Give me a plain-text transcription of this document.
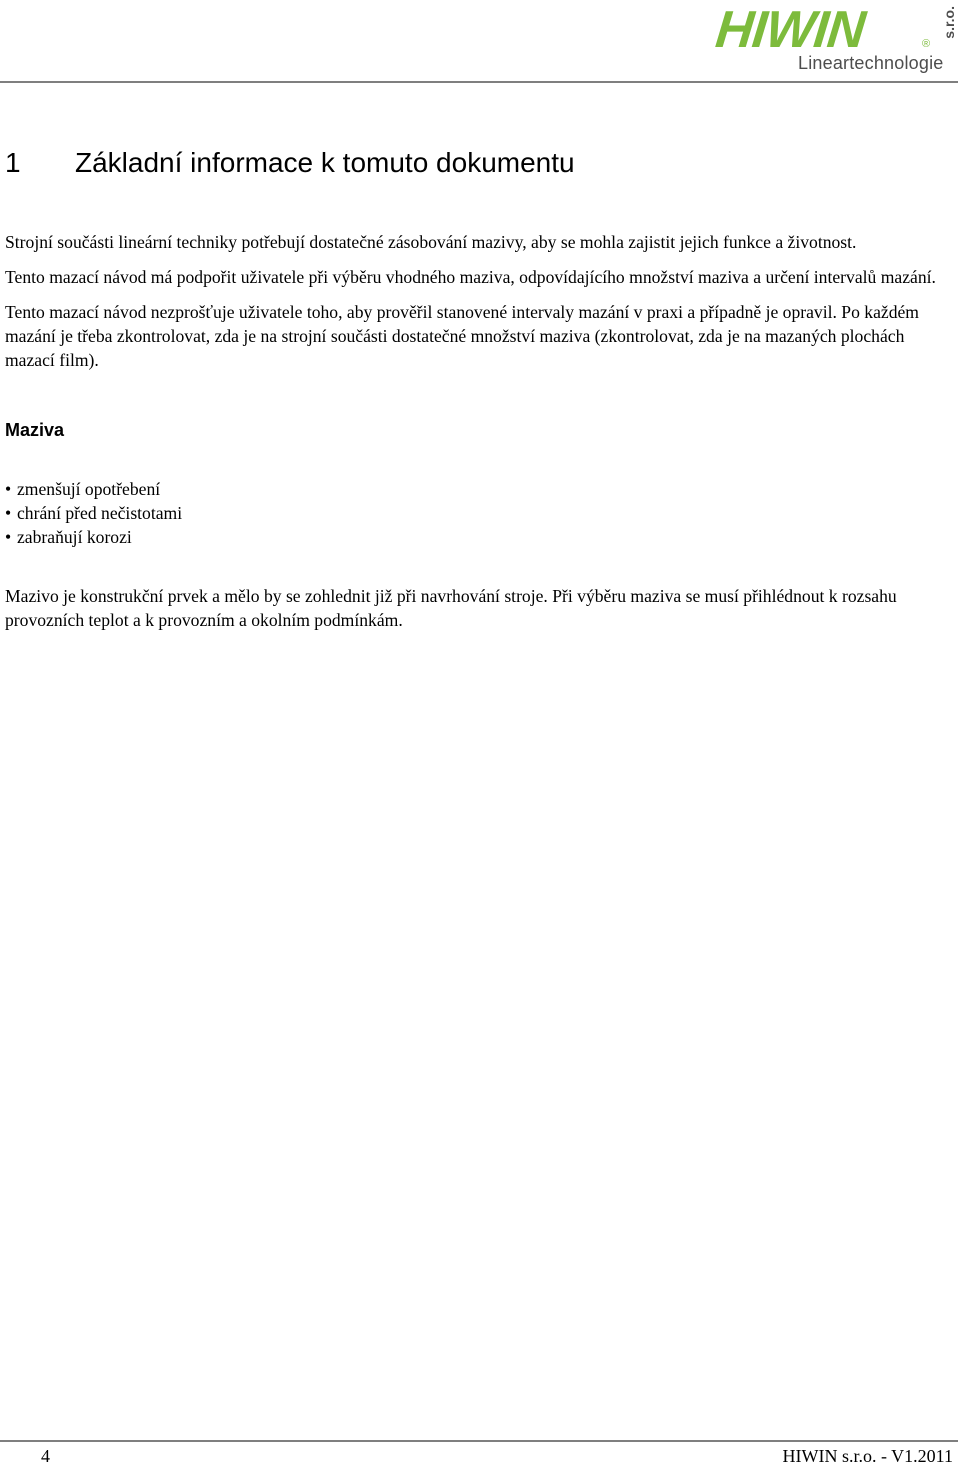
HIWIN	®
s.r.o.
Lineartechnologie
1 Základní informace k tomuto dokumentu

Strojní součásti lineární techniky potřebují dostatečné zásobování mazivy, aby se mohla zajistit jejich funkce a životnost.

Tento mazací návod má podpořit uživatele při výběru vhodného maziva, odpovídajícího množství maziva a určení intervalů mazání.

Tento mazací návod nezprošťuje uživatele toho, aby prověřil stanovené intervaly mazání v praxi a případně je opravil. Po každém mazání je třeba zkontrolovat, zda je na strojní součásti dostatečné množství maziva (zkontrolovat, zda je na mazaných plochách mazací film).

Maziva
• zmenšují opotřebení
• chrání před nečistotami
• zabraňují korozi

Mazivo je konstrukční prvek a mělo by se zohlednit již při navrhování stroje. Při výběru maziva se musí přihlédnout k rozsahu provozních teplot a k provozním a okolním podmínkám.

4	HIWIN s.r.o. - V1.2011
